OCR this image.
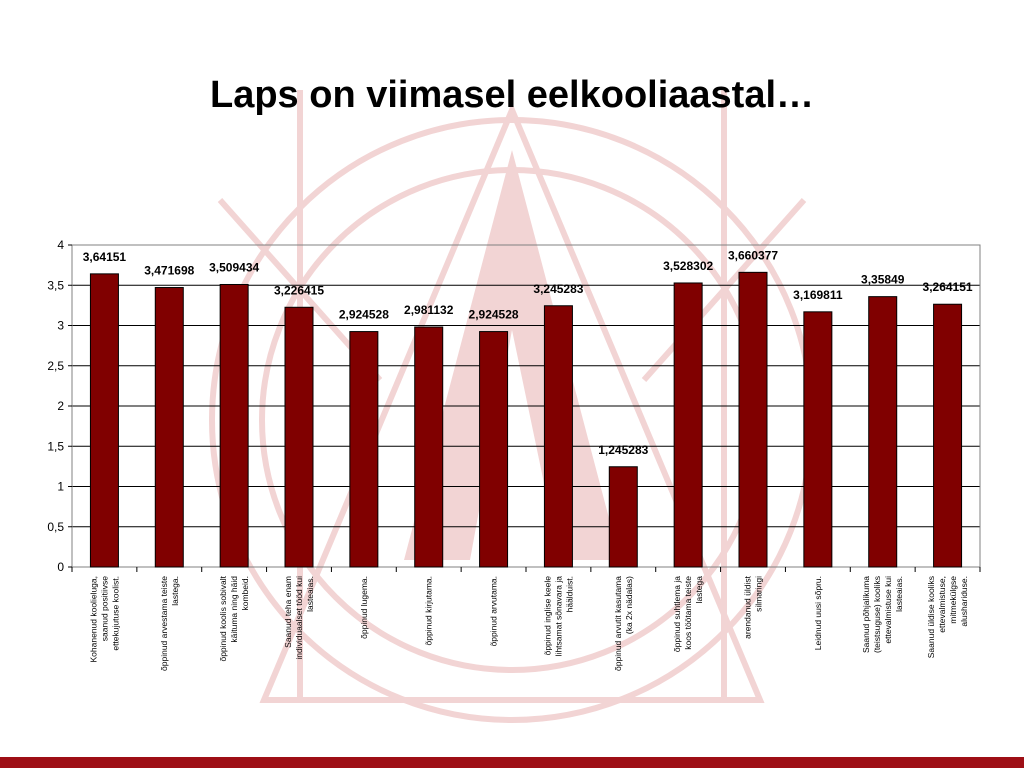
Laps on viimasel eelkooliaastal…
0
0,5
1
1,5
2
2,5
3
3,5
4
3,64151
3,471698 3,509434
3,226415
2,924528 2,981132 2,924528
3,245283
1,245283
3,528302
3,660377
3,169811
3,35849
3,264151
Kohanenud koolieluga, saanud positiivse ettekujutuse koolist.	õppinud arvestama teiste lastega.	õppinud koolis sobivalt käituma ning häid kombeid.	Saanud teha enam individuaalset tööd kui lasteaias.	õppinud lugema.	õppinud kirjutama.	õppinud arvutama.	õppinud inglise keele lihtsamat sõnavara ja häälduist.	õppinud arvutit kasutama (ka 2x nädalas)	õppinud suhtlema ja koos töötama teiste lastega	arendanud üldist silmaringi	Leidnud uusi sõpru.	Saanud põhjalikuma (teistsuguse) kooliks ettevalmistuse kui lasteaias.	Saanud üldise kooliks ettevalmistuse, mitmekülgse alushariduse.
